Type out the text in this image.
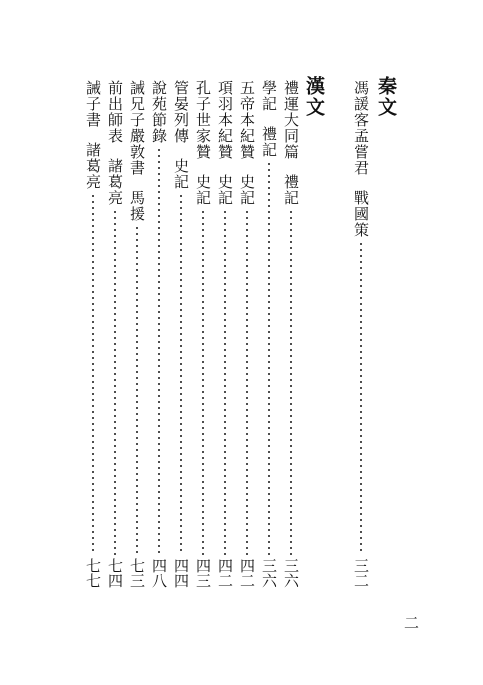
秦文
馮諼客孟嘗君
戰國策
三二
漢文
禮運大同篇
禮記
三六
學記
禮記
三六
五帝本紀贊
史記
四二
項羽本紀贊
史記
四二
孔子世家贊
史記
四三
管晏列傳
史記
四四
說苑節錄
四八
誡兄子嚴敦書
馬援
七三
前出師表
諸葛亮
七四
誡子書
諸葛亮
七七
二
